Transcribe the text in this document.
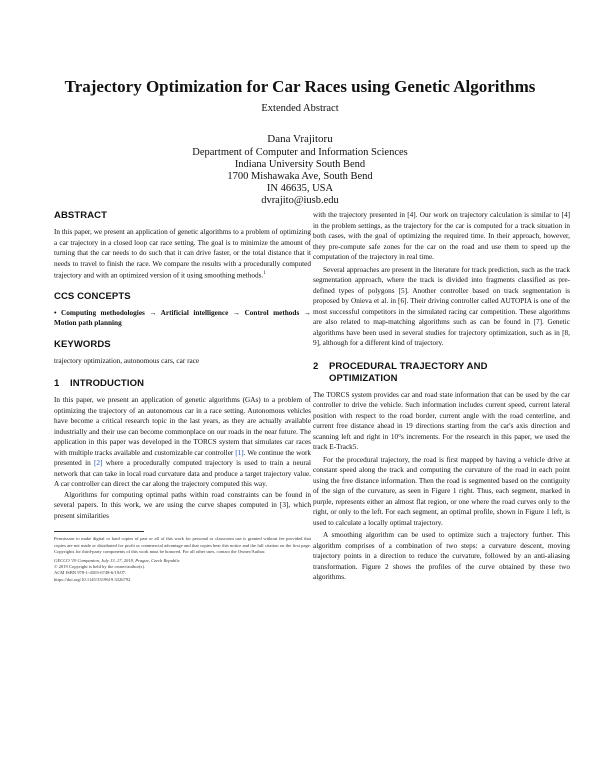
Trajectory Optimization for Car Races using Genetic Algorithms
Extended Abstract
Dana Vrajitoru
Department of Computer and Information Sciences
Indiana University South Bend
1700 Mishawaka Ave, South Bend
IN 46635, USA
dvrajito@iusb.edu
ABSTRACT

In this paper, we present an application of genetic algorithms to a problem of optimizing a car trajectory in a closed loop car race setting. The goal is to minimize the amount of turning that the car needs to do such that it can drive faster, or the total distance that it needs to travel to finish the race. We compare the results with a procedurally computed trajectory and with an optimized version of it using smoothing methods.$^1$

CCS CONCEPTS

• Computing methodologies → Artificial intelligence → Control methods → Motion path planning

KEYWORDS

trajectory optimization, autonomous cars, car race

1 INTRODUCTION

In this paper, we present an application of genetic algorithms (GAs) to a problem of optimizing the trajectory of an autonomous car in a race setting. Autonomous vehicles have become a critical research topic in the last years, as they are actually available industrially and their use can become commonplace on our roads in the near future. The application in this paper was developed in the TORCS system that simulates car races with multiple tracks available and customizable car controller [1]. We continue the work presented in [2] where a procedurally computed trajectory is used to train a neural network that can take in local road curvature data and produce a target trajectory value. A car controller can direct the car along the trajectory computed this way.

Algorithms for computing optimal paths within road constraints can be found in several papers. In this work, we are using the curve shapes computed in [3], which present similarities

Permission to make digital or hard copies of part or all of this work for personal or classroom use is granted without fee provided that copies are not made or distributed for profit or commercial advantage and that copies bear this notice and the full citation on the first page. Copyrights for third-party components of this work must be honored. For all other uses, contact the Owner/Author.
GECCO '19 Companion, July 13–17, 2019, Prague, Czech Republic
© 2019 Copyright is held by the owner/author(s).
ACM ISBN 978-1-4503-6748-6/19/07.
https://doi.org/10.1145/3319619.3326792

with the trajectory presented in [4]. Our work on trajectory calculation is similar to [4] in the problem settings, as the trajectory for the car is computed for a track situation in both cases, with the goal of optimizing the required time. In their approach, however, they pre-compute safe zones for the car on the road and use them to speed up the computation of the trajectory in real time.

Several approaches are present in the literature for track prediction, such as the track segmentation approach, where the track is divided into fragments classified as pre-defined types of polygons [5]. Another controller based on track segmentation is proposed by Onieva et al. in [6]. Their driving controller called AUTOPIA is one of the most successful competitors in the simulated racing car competition. These algorithms are also related to map-matching algorithms such as can be found in [7]. Genetic algorithms have been used in several studies for trajectory optimization, such as in [8, 9], although for a different kind of trajectory.

2 PROCEDURAL TRAJECTORY AND OPTIMIZATION

The TORCS system provides car and road state information that can be used by the car controller to drive the vehicle. Such information includes current speed, current lateral position with respect to the road border, current angle with the road centerline, and current free distance ahead in 19 directions starting from the car's axis direction and scanning left and right in 10°s increments. For the research in this paper, we used the track E-Track5.

For the procedural trajectory, the road is first mapped by having a vehicle drive at constant speed along the track and computing the curvature of the road in each point using the free distance information. Then the road is segmented based on the contiguity of the sign of the curvature, as seen in Figure 1 right. Thus, each segment, marked in purple, represents either an almost flat region, or one where the road curves only to the right, or only to the left. For each segment, an optimal profile, shown in Figure 1 left, is used to calculate a locally optimal trajectory.

A smoothing algorithm can be used to optimize such a trajectory further. This algorithm comprises of a combination of two steps: a curvature descent, moving trajectory points in a direction to reduce the curvature, followed by an anti-aliasing transformation. Figure 2 shows the profiles of the curve obtained by these two algorithms.
